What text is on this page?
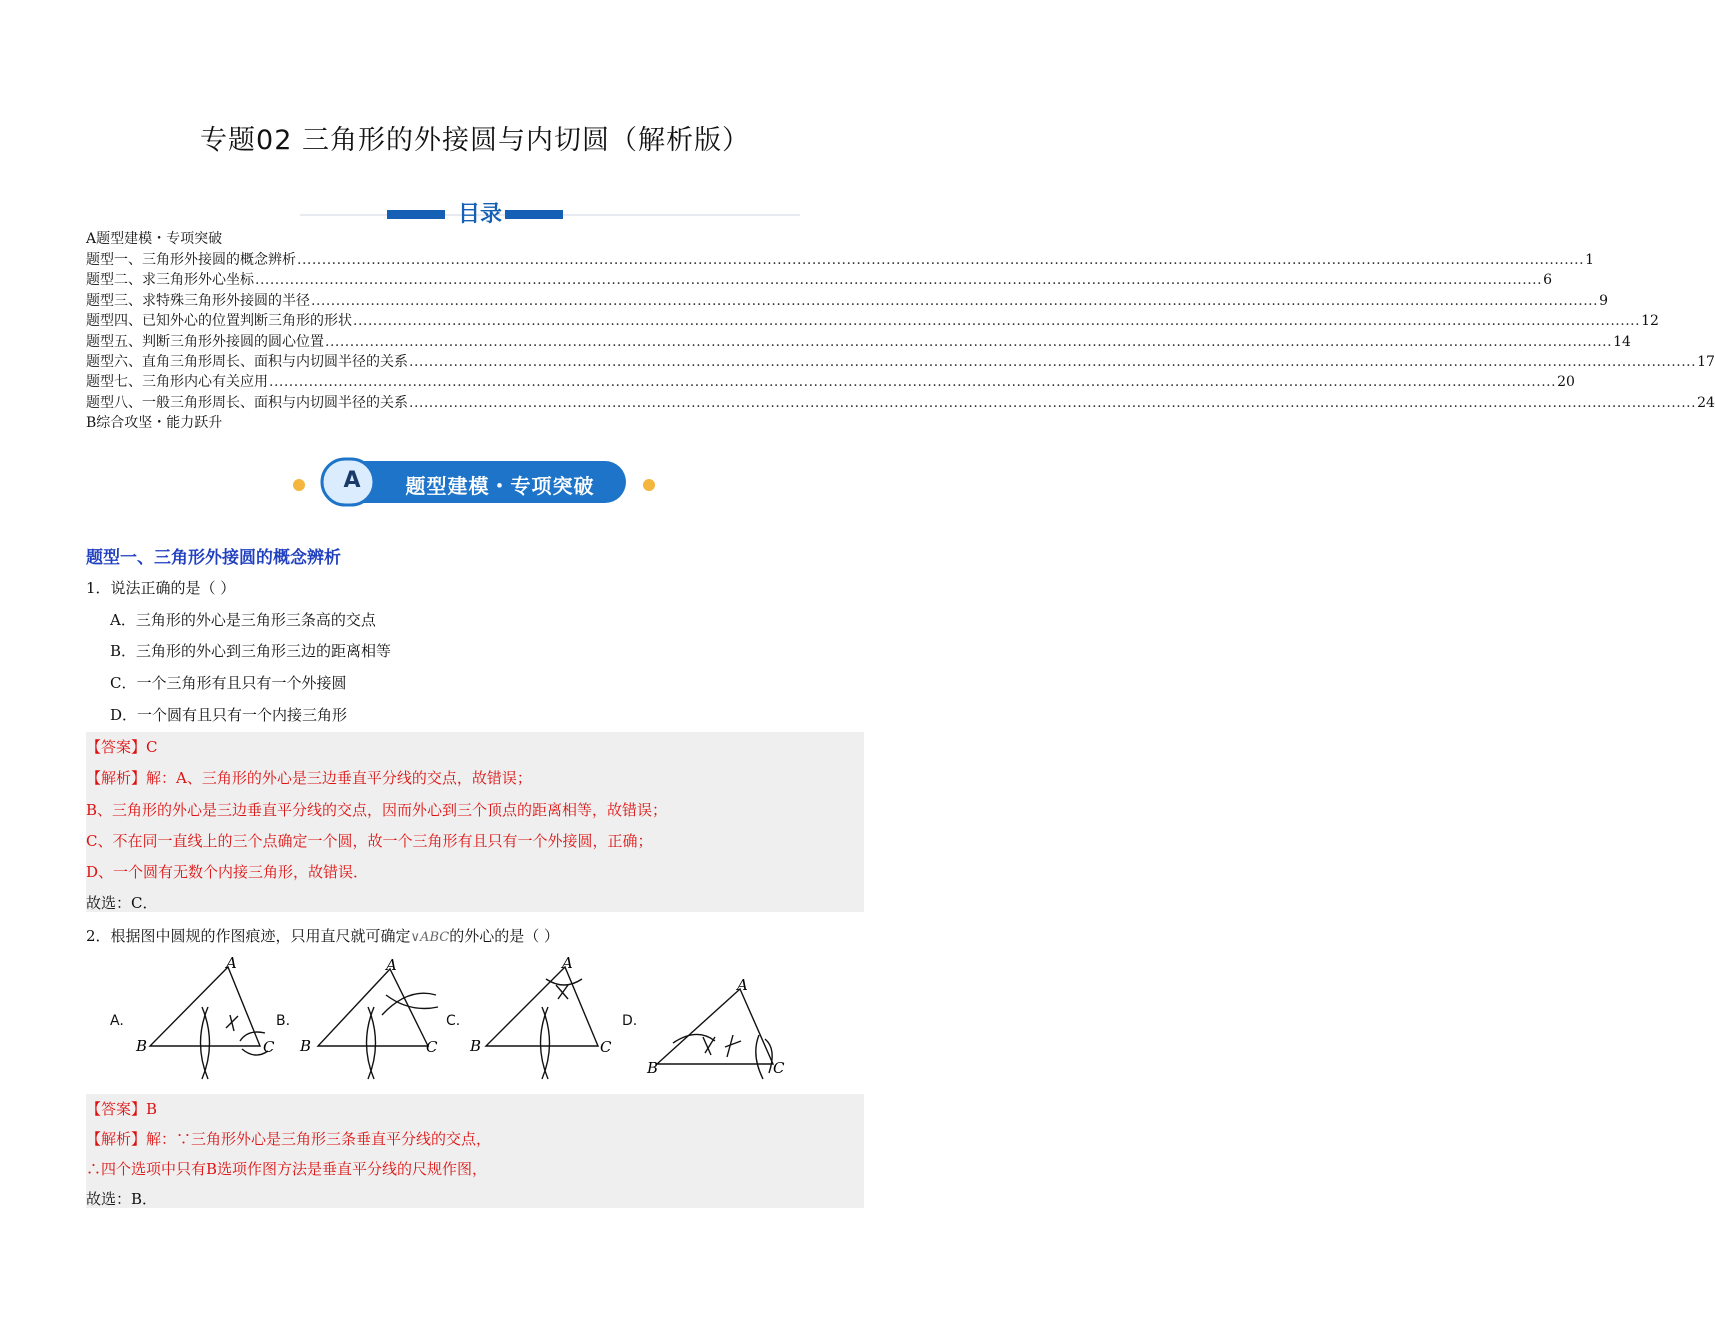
专题02 三角形的外接圆与内切圆（解析版）
目录
A题型建模・专项突破
题型一、三角形外接圆的概念辨析 .................................................................................................................................................................................................................................................................... 1
题型二、求三角形外心坐标 .................................................................................................................................................................................................................................................................... 6
题型三、求特殊三角形外接圆的半径 .................................................................................................................................................................................................................................................................... 9
题型四、已知外心的位置判断三角形的形状 .................................................................................................................................................................................................................................................................... 12
题型五、判断三角形外接圆的圆心位置 .................................................................................................................................................................................................................................................................... 14
题型六、直角三角形周长、面积与内切圆半径的关系 .................................................................................................................................................................................................................................................................... 17
题型七、三角形内心有关应用 .................................................................................................................................................................................................................................................................... 20
题型八、一般三角形周长、面积与内切圆半径的关系 .................................................................................................................................................................................................................................................................... 24
B综合攻坚・能力跃升
A	题型建模・专项突破
题型一、三角形外接圆的概念辨析
1．说法正确的是（ ）
A．三角形的外心是三角形三条高的交点
B．三角形的外心到三角形三边的距离相等
C．一个三角形有且只有一个外接圆
D．一个圆有且只有一个内接三角形
【答案】C
【解析】解：A、三角形的外心是三边垂直平分线的交点，故错误；
B、三角形的外心是三边垂直平分线的交点，因而外心到三个顶点的距离相等，故错误；
C、不在同一直线上的三个点确定一个圆，故一个三角形有且只有一个外接圆，正确；
D、一个圆有无数个内接三角形，故错误．
故选：C．
2．根据图中圆规的作图痕迹，只用直尺就可确定∨ABC的外心的是（ ）
A.	B.	C.	D.
A
B	C
A
B	C
A
B	C
A
B	C
【答案】B
【解析】解：∵三角形外心是三角形三条垂直平分线的交点，
∴四个选项中只有B选项作图方法是垂直平分线的尺规作图，
故选：B．
